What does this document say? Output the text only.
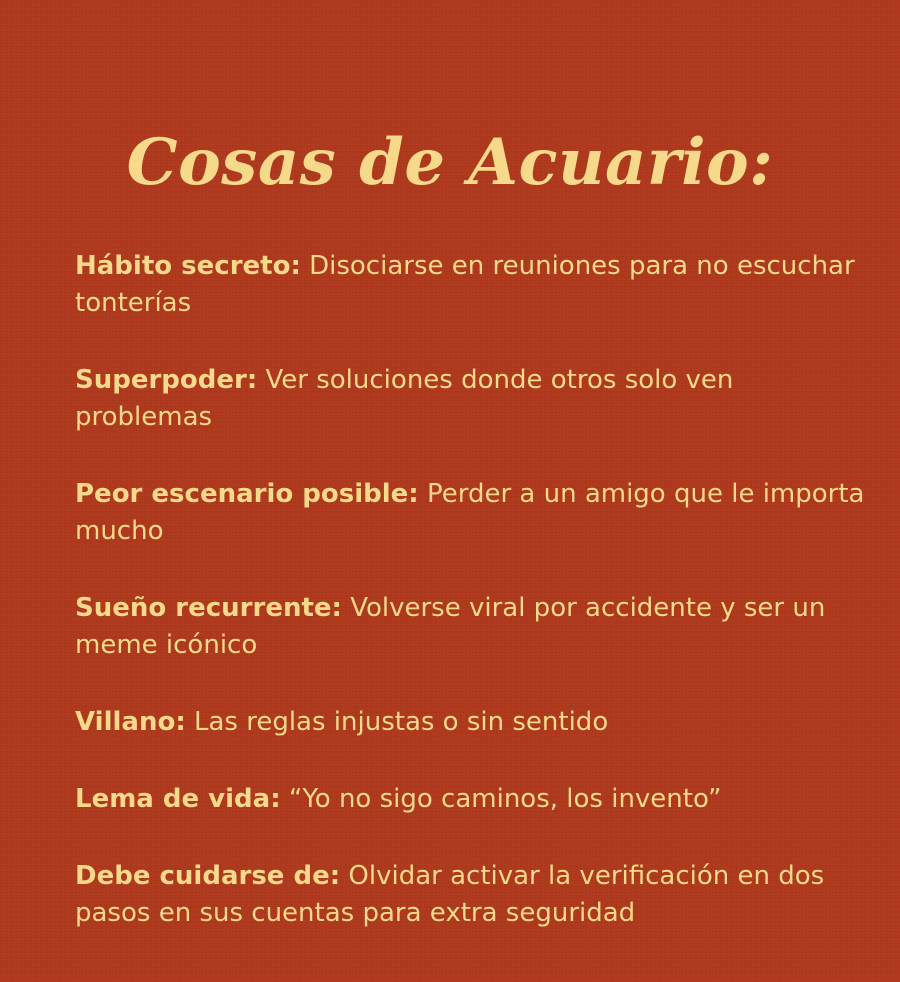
Cosas de Acuario:
Hábito secreto: Disociarse en reuniones para no escuchar tonterías
Superpoder: Ver soluciones donde otros solo ven problemas
Peor escenario posible: Perder a un amigo que le importa mucho
Sueño recurrente: Volverse viral por accidente y ser un meme icónico
Villano: Las reglas injustas o sin sentido
Lema de vida: “Yo no sigo caminos, los invento”
Debe cuidarse de: Olvidar activar la verificación en dos pasos en sus cuentas para extra seguridad
